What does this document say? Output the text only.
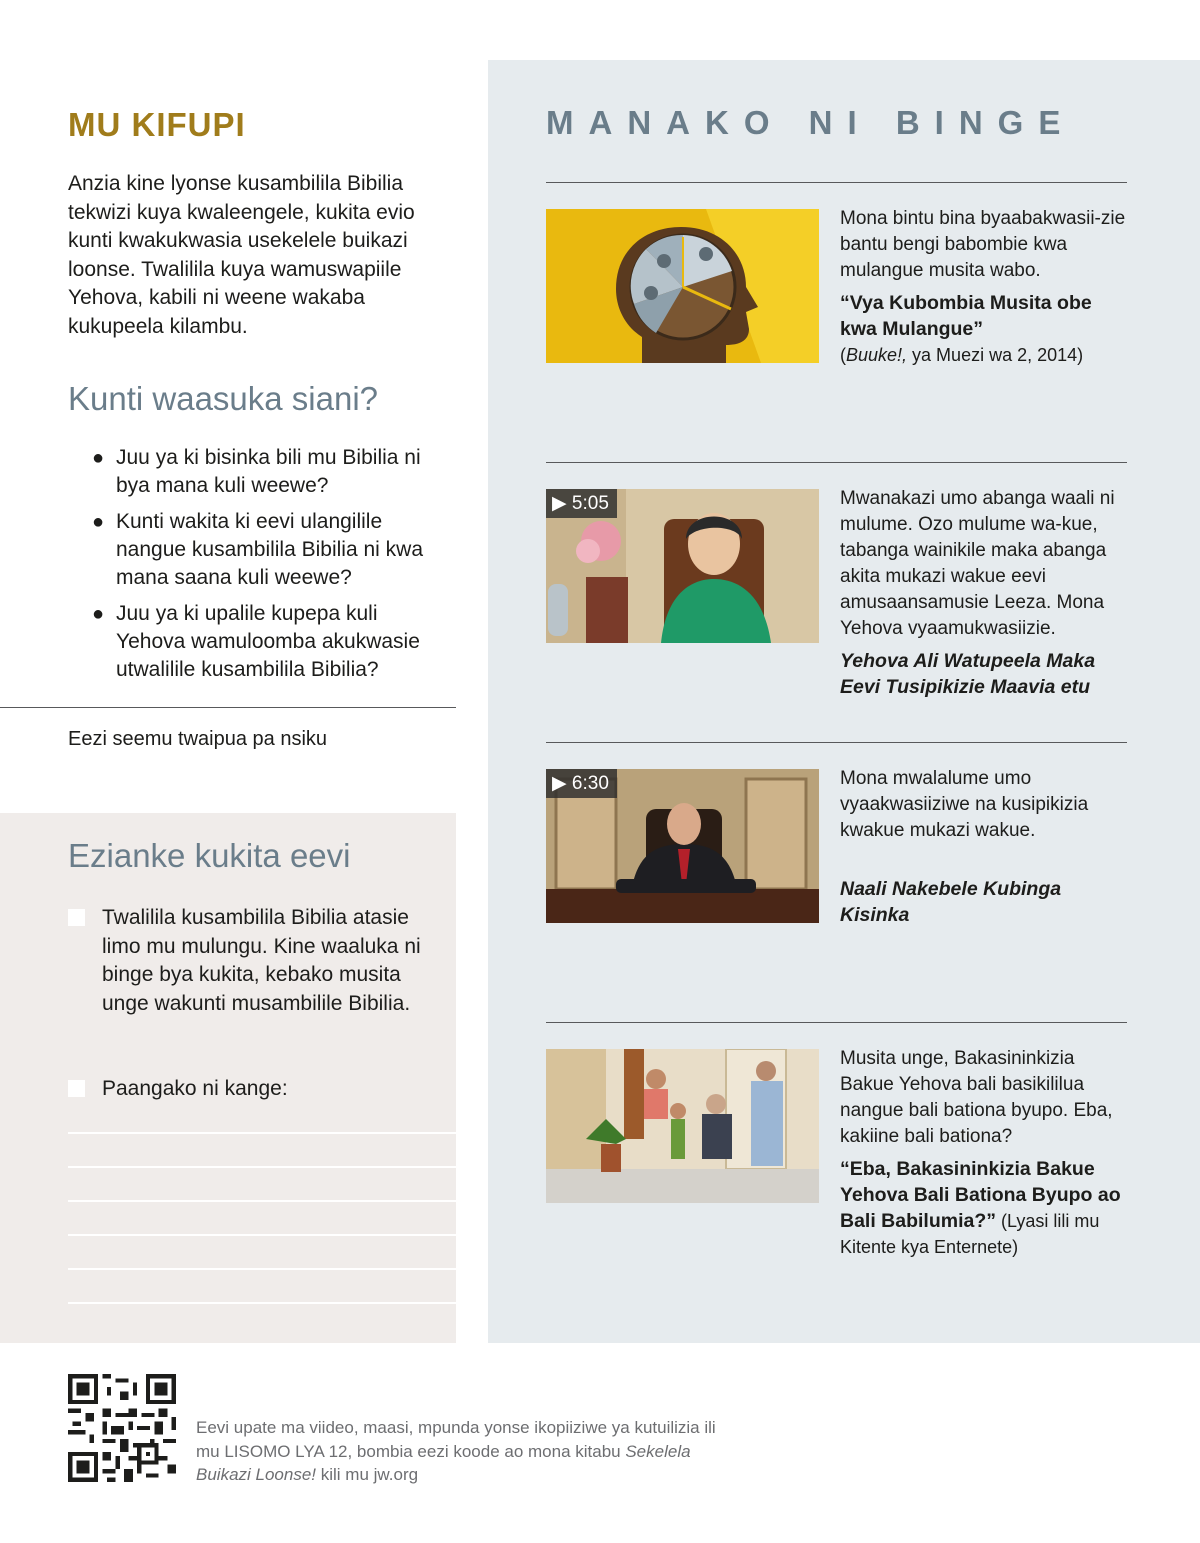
MU KIFUPI

Anzia kine lyonse kusambilila Bibilia tekwizi kuya kwaleengele, kukita evio kunti kwakukwasia usekelele buikazi loonse. Twalilila kuya wamuswapiile Yehova, kabili ni weene wakaba kukupeela kilambu.

Kunti waasuka siani?
● Juu ya ki bisinka bili mu Bibilia ni bya mana kuli weewe?
● Kunti wakita ki eevi ulangilile nangue kusambilila Bibilia ni kwa mana saana kuli weewe?
● Juu ya ki upalile kupepa kuli Yehova wamuloomba akukwasie utwalilile kusambilila Bibilia?
Eezi seemu twaipua pa nsiku
Ezianke kukita eevi
Twalilila kusambilila Bibilia atasie limo mu mulungu. Kine waaluka ni binge bya kukita, kebako musita unge wakunti musambilile Bibilia.
Paangako ni kange:
MANAKO NI BINGE

Mona bintu bina byaabakwasii-zie bantu bengi babombie kwa mulangue musita wabo.

“Vya Kubombia Musita obe kwa Mulangue”
(Buuke!, ya Muezi wa 2, 2014)

▶ 5:05	Mwanakazi umo abanga waali ni mulume. Ozo mulume wa-kue, tabanga wainikile maka abanga akita mukazi wakue eevi amusaansamusie Leeza. Mona Yehova vyaamukwasiizie.

Yehova Ali Watupeela Maka Eevi Tusipikizie Maavia etu

▶ 6:30	Mona mwalalume umo vyaakwasiiziwe na kusipikizia kwakue mukazi wakue.

Naali Nakebele Kubinga Kisinka

Musita unge, Bakasininkizia Bakue Yehova bali basikililua nangue bali bationa byupo. Eba, kakiine bali bationa?

“Eba, Bakasininkizia Bakue Yehova Bali Bationa Byupo ao Bali Babilumia?” (Lyasi lili mu Kitente kya Enternete)

Eevi upate ma viideo, maasi, mpunda yonse ikopiiziwe ya kutuilizia ili mu LISOMO LYA 12, bombia eezi koode ao mona kitabu Sekelela Buikazi Loonse! kili mu jw.org
